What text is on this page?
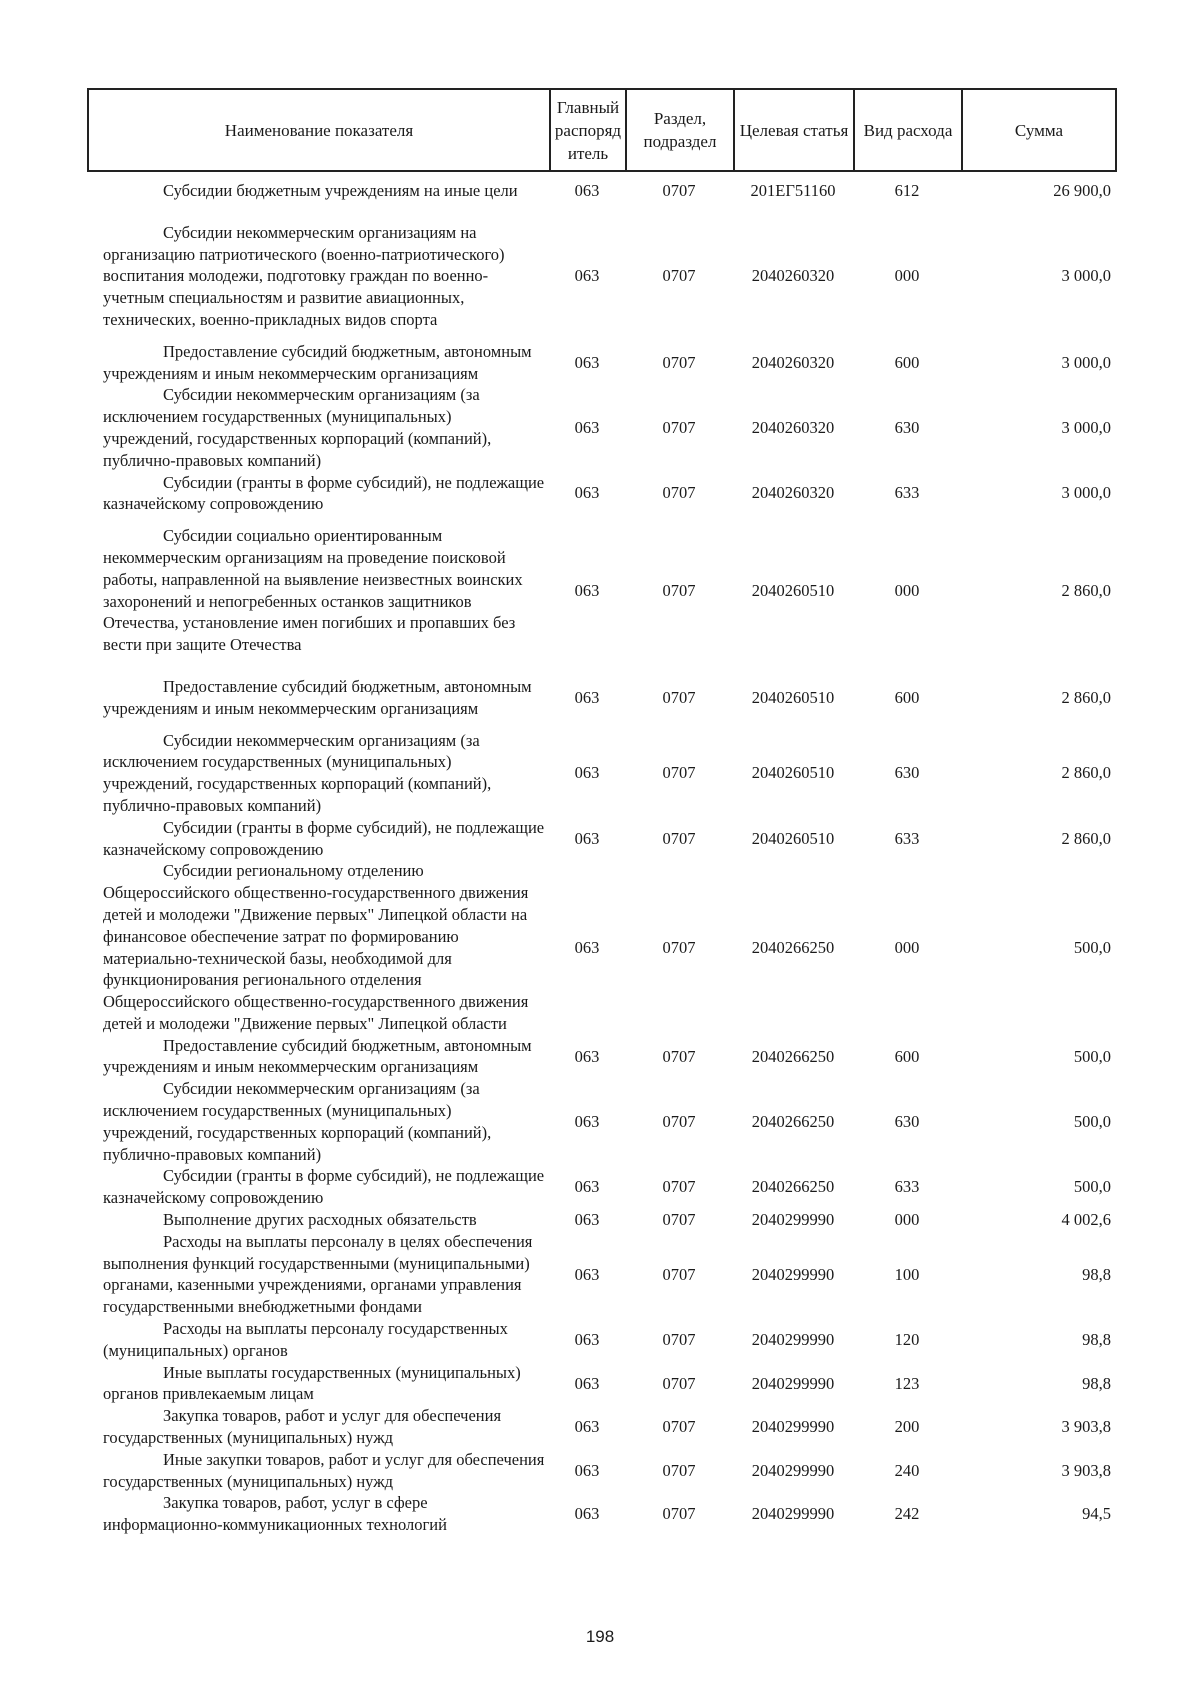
Наименование показателя	Главный распоряд итель	Раздел, подраздел	Целевая статья	Вид расхода	Сумма
Субсидии бюджетным учреждениям на иные цели	063	0707	201ЕГ51160	612	26 900,0
Субсидии некоммерческим организациям на организацию патриотического (военно-патриотического) воспитания молодежи, подготовку граждан по военно-учетным специальностям и развитие авиационных, технических, военно-прикладных видов спорта	063	0707	2040260320	000	3 000,0
Предоставление субсидий бюджетным, автономным учреждениям и иным некоммерческим организациям	063	0707	2040260320	600	3 000,0
Субсидии некоммерческим организациям (за исключением государственных (муниципальных) учреждений, государственных корпораций (компаний), публично-правовых компаний)	063	0707	2040260320	630	3 000,0
Субсидии (гранты в форме субсидий), не подлежащие казначейскому сопровождению	063	0707	2040260320	633	3 000,0
Субсидии социально ориентированным некоммерческим организациям на проведение поисковой работы, направленной на выявление неизвестных воинских захоронений и непогребенных останков защитников Отечества, установление имен погибших и пропавших без вести при защите Отечества	063	0707	2040260510	000	2 860,0
Предоставление субсидий бюджетным, автономным учреждениям и иным некоммерческим организациям	063	0707	2040260510	600	2 860,0
Субсидии некоммерческим организациям (за исключением государственных (муниципальных) учреждений, государственных корпораций (компаний), публично-правовых компаний)	063	0707	2040260510	630	2 860,0
Субсидии (гранты в форме субсидий), не подлежащие казначейскому сопровождению	063	0707	2040260510	633	2 860,0
Субсидии региональному отделению Общероссийского общественно-государственного движения детей и молодежи "Движение первых" Липецкой области на финансовое обеспечение затрат по формированию материально-технической базы, необходимой для функционирования регионального отделения Общероссийского общественно-государственного движения детей и молодежи "Движение первых" Липецкой области	063	0707	2040266250	000	500,0
Предоставление субсидий бюджетным, автономным учреждениям и иным некоммерческим организациям	063	0707	2040266250	600	500,0
Субсидии некоммерческим организациям (за исключением государственных (муниципальных) учреждений, государственных корпораций (компаний), публично-правовых компаний)	063	0707	2040266250	630	500,0
Субсидии (гранты в форме субсидий), не подлежащие казначейскому сопровождению	063	0707	2040266250	633	500,0
Выполнение других расходных обязательств	063	0707	2040299990	000	4 002,6
Расходы на выплаты персоналу в целях обеспечения выполнения функций государственными (муниципальными) органами, казенными учреждениями, органами управления государственными внебюджетными фондами	063	0707	2040299990	100	98,8
Расходы на выплаты персоналу государственных (муниципальных) органов	063	0707	2040299990	120	98,8
Иные выплаты государственных (муниципальных) органов привлекаемым лицам	063	0707	2040299990	123	98,8
Закупка товаров, работ и услуг для обеспечения государственных (муниципальных) нужд	063	0707	2040299990	200	3 903,8
Иные закупки товаров, работ и услуг для обеспечения государственных (муниципальных) нужд	063	0707	2040299990	240	3 903,8
Закупка товаров, работ, услуг в сфере информационно-коммуникационных технологий	063	0707	2040299990	242	94,5
198
